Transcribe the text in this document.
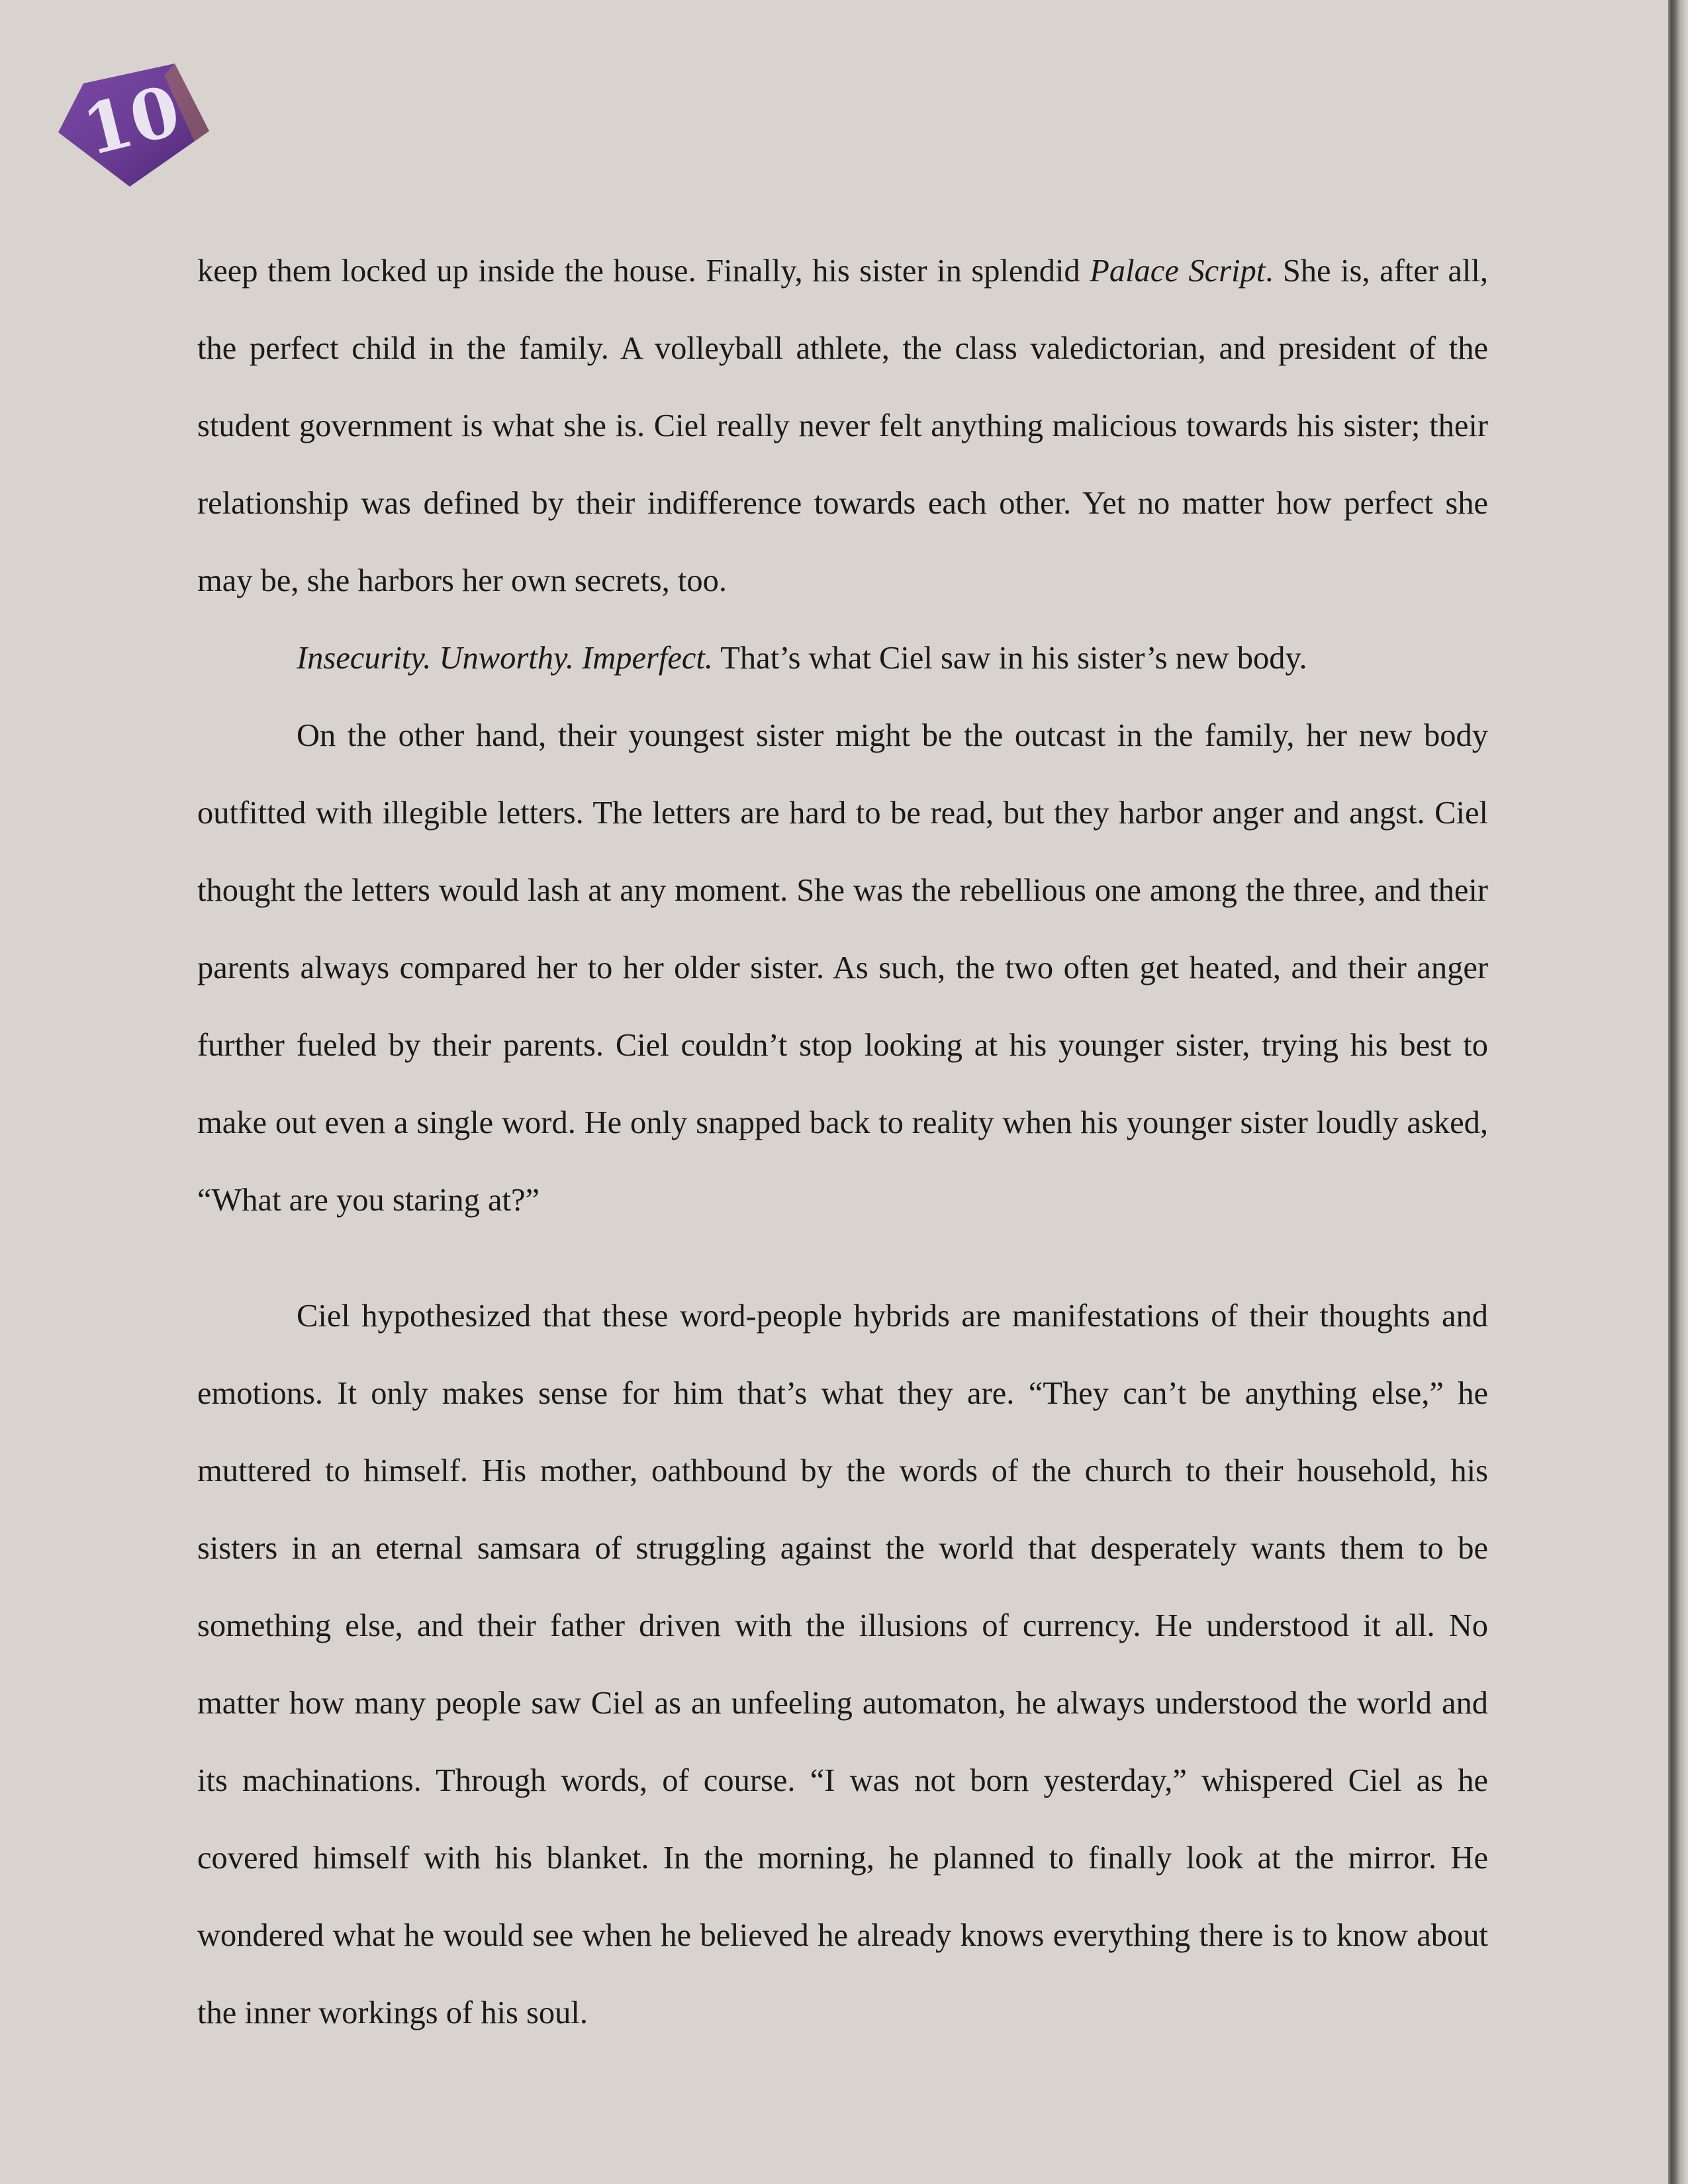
10

keep them locked up inside the house. Finally, his sister in splendid Palace Script. She is, after all, the perfect child in the family. A volleyball athlete, the class valedictorian, and president of the student government is what she is. Ciel really never felt anything malicious towards his sister; their relationship was defined by their indifference towards each other. Yet no matter how perfect she may be, she harbors her own secrets, too.

Insecurity. Unworthy. Imperfect. That’s what Ciel saw in his sister’s new body.

On the other hand, their youngest sister might be the outcast in the family, her new body outfitted with illegible letters. The letters are hard to be read, but they harbor anger and angst. Ciel thought the letters would lash at any moment. She was the rebellious one among the three, and their parents always compared her to her older sister. As such, the two often get heated, and their anger further fueled by their parents. Ciel couldn’t stop looking at his younger sister, trying his best to make out even a single word. He only snapped back to reality when his younger sister loudly asked, “What are you staring at?”

Ciel hypothesized that these word-people hybrids are manifestations of their thoughts and emotions. It only makes sense for him that’s what they are. “They can’t be anything else,” he muttered to himself. His mother, oathbound by the words of the church to their household, his sisters in an eternal samsara of struggling against the world that desperately wants them to be something else, and their father driven with the illusions of currency. He understood it all. No matter how many people saw Ciel as an unfeeling automaton, he always understood the world and its machinations. Through words, of course. “I was not born yesterday,” whispered Ciel as he covered himself with his blanket. In the morning, he planned to finally look at the mirror. He wondered what he would see when he believed he already knows everything there is to know about the inner workings of his soul.
